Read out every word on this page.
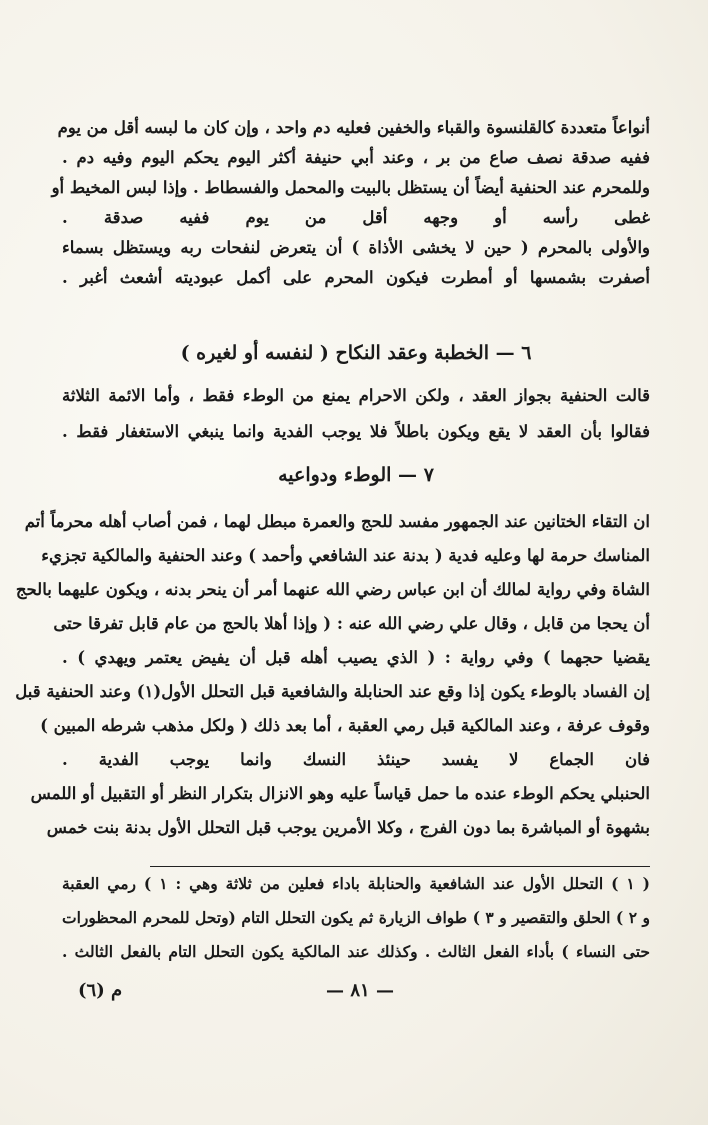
أنواعاً متعددة كالقلنسوة والقباء والخفين فعليه دم واحد ، وإن كان ما لبسه أقل من يوم
ففيه صدقة نصف صاع من بر ، وعند أبي حنيفة أكثر اليوم يحكم اليوم وفيه دم .
وللمحرم عند الحنفية أيضاً أن يستظل بالبيت والمحمل والفسطاط . وإذا لبس المخيط أو
غطى رأسه أو وجهه أقل من يوم ففيه صدقة .
والأولى بالمحرم ( حين لا يخشى الأذاة ) أن يتعرض لنفحات ربه ويستظل بسماء
أصفرت بشمسها أو أمطرت فيكون المحرم على أكمل عبوديته أشعث أغبر .
٦ — الخطبة وعقد النكاح ( لنفسه أو لغيره )
قالت الحنفية بجواز العقد ، ولكن الاحرام يمنع من الوطء فقط ، وأما الائمة الثلاثة
فقالوا بأن العقد لا يقع ويكون باطلاً فلا يوجب الفدية وانما ينبغي الاستغفار فقط .
٧ — الوطء ودواعيه
ان التقاء الختانين عند الجمهور مفسد للحج والعمرة مبطل لهما ، فمن أصاب أهله محرماً أتم
المناسك حرمة لها وعليه فدية ( بدنة عند الشافعي وأحمد ) وعند الحنفية والمالكية تجزيء
الشاة وفي رواية لمالك أن ابن عباس رضي الله عنهما أمر أن ينحر بدنه ، ويكون عليهما بالحج
أن يحجا من قابل ، وقال علي رضي الله عنه : ( وإذا أهلا بالحج من عام قابل تفرقا حتى
يقضيا حجهما ) وفي رواية : ( الذي يصيب أهله قبل أن يفيض يعتمر ويهدي ) .
إن الفساد بالوطء يكون إذا وقع عند الحنابلة والشافعية قبل التحلل الأول(١) وعند الحنفية قبل
وقوف عرفة ، وعند المالكية قبل رمي العقبة ، أما بعد ذلك ( ولكل مذهب شرطه المبين )
فان الجماع لا يفسد حينئذ النسك وانما يوجب الفدية .
الحنبلي يحكم الوطء عنده ما حمل قياساً عليه وهو الانزال بتكرار النظر أو التقبيل أو اللمس
بشهوة أو المباشرة بما دون الفرج ، وكلا الأمرين يوجب قبل التحلل الأول بدنة بنت خمس
( ١ ) التحلل الأول عند الشافعية والحنابلة باداء فعلين من ثلاثة وهي : ١ ) رمي العقبة
و ٢ ) الحلق والتقصير و ٣ ) طواف الزيارة ثم يكون التحلل التام (وتحل للمحرم المحظورات
حتى النساء ) بأداء الفعل الثالث . وكذلك عند المالكية يكون التحلل التام بالفعل الثالث .
— ٨١ —
م (٦)
